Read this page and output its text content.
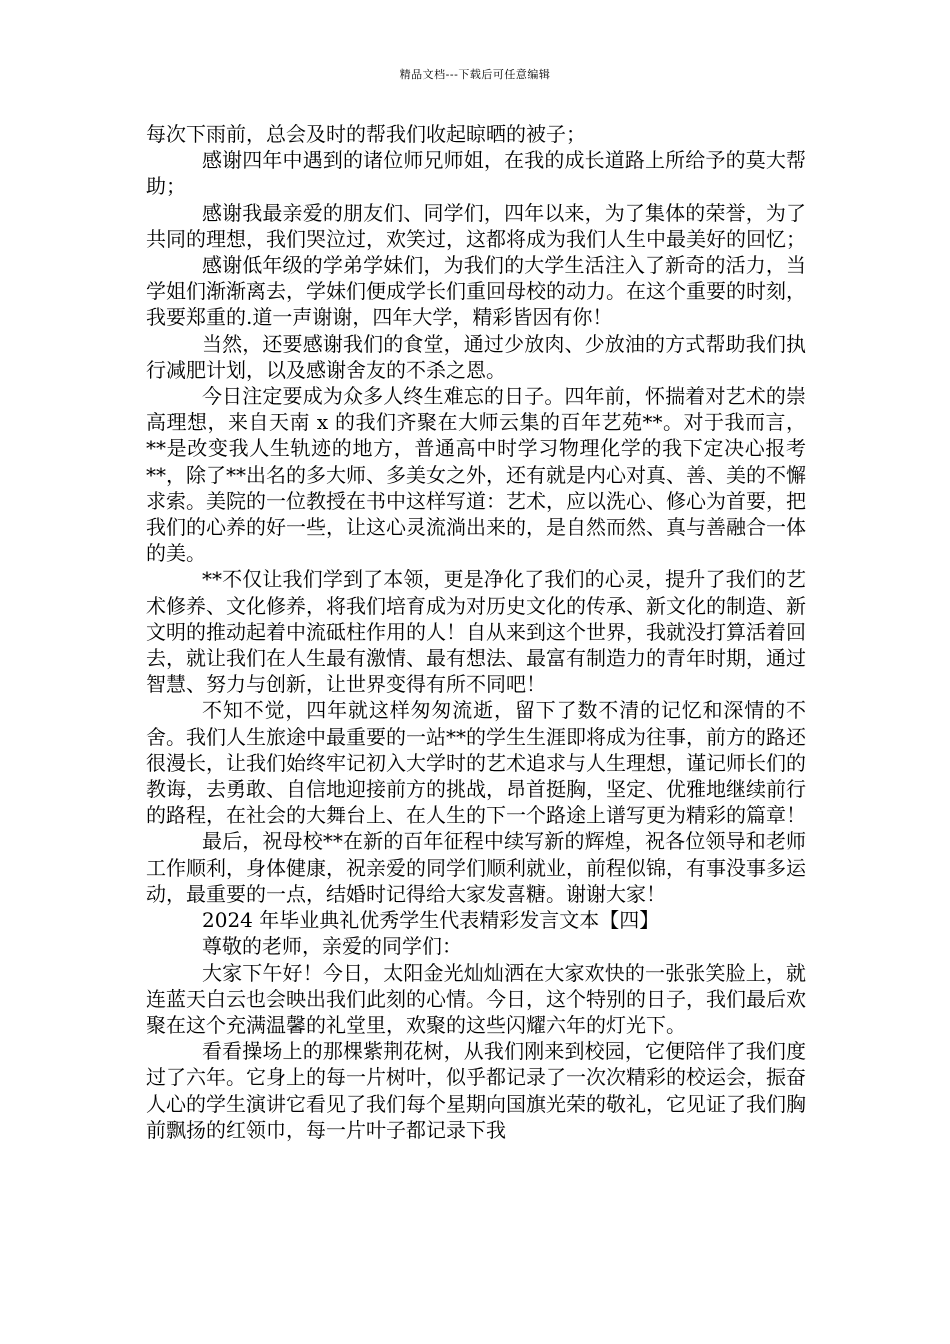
精品文档---下载后可任意编辑

每次下雨前，总会及时的帮我们收起晾晒的被子；

感谢四年中遇到的诸位师兄师姐，在我的成长道路上所给予的莫大帮助；

感谢我最亲爱的朋友们、同学们，四年以来，为了集体的荣誉，为了共同的理想，我们哭泣过，欢笑过，这都将成为我们人生中最美好的回忆；

感谢低年级的学弟学妹们，为我们的大学生活注入了新奇的活力，当学姐们渐渐离去，学妹们便成学长们重回母校的动力。在这个重要的时刻，我要郑重的.道一声谢谢，四年大学，精彩皆因有你！

当然，还要感谢我们的食堂，通过少放肉、少放油的方式帮助我们执行减肥计划，以及感谢舍友的不杀之恩。

今日注定要成为众多人终生难忘的日子。四年前，怀揣着对艺术的崇高理想，来自天南 x 的我们齐聚在大师云集的百年艺苑**。对于我而言，**是改变我人生轨迹的地方，普通高中时学习物理化学的我下定决心报考**，除了**出名的多大师、多美女之外，还有就是内心对真、善、美的不懈求索。美院的一位教授在书中这样写道：艺术，应以洗心、修心为首要，把我们的心养的好一些，让这心灵流淌出来的，是自然而然、真与善融合一体的美。

**不仅让我们学到了本领，更是净化了我们的心灵，提升了我们的艺术修养、文化修养，将我们培育成为对历史文化的传承、新文化的制造、新文明的推动起着中流砥柱作用的人！自从来到这个世界，我就没打算活着回去，就让我们在人生最有激情、最有想法、最富有制造力的青年时期，通过智慧、努力与创新，让世界变得有所不同吧！

不知不觉，四年就这样匆匆流逝，留下了数不清的记忆和深情的不舍。我们人生旅途中最重要的一站**的学生生涯即将成为往事，前方的路还很漫长，让我们始终牢记初入大学时的艺术追求与人生理想，谨记师长们的教诲，去勇敢、自信地迎接前方的挑战，昂首挺胸，坚定、优雅地继续前行的路程，在社会的大舞台上、在人生的下一个路途上谱写更为精彩的篇章！

最后，祝母校**在新的百年征程中续写新的辉煌，祝各位领导和老师工作顺利，身体健康，祝亲爱的同学们顺利就业，前程似锦，有事没事多运动，最重要的一点，结婚时记得给大家发喜糖。谢谢大家！

2024 年毕业典礼优秀学生代表精彩发言文本【四】

尊敬的老师，亲爱的同学们：

大家下午好！今日，太阳金光灿灿洒在大家欢快的一张张笑脸上，就连蓝天白云也会映出我们此刻的心情。今日，这个特别的日子，我们最后欢聚在这个充满温馨的礼堂里，欢聚的这些闪耀六年的灯光下。

看看操场上的那棵紫荆花树，从我们刚来到校园，它便陪伴了我们度过了六年。它身上的每一片树叶，似乎都记录了一次次精彩的校运会，振奋人心的学生演讲它看见了我们每个星期向国旗光荣的敬礼，它见证了我们胸前飘扬的红领巾，每一片叶子都记录下我
